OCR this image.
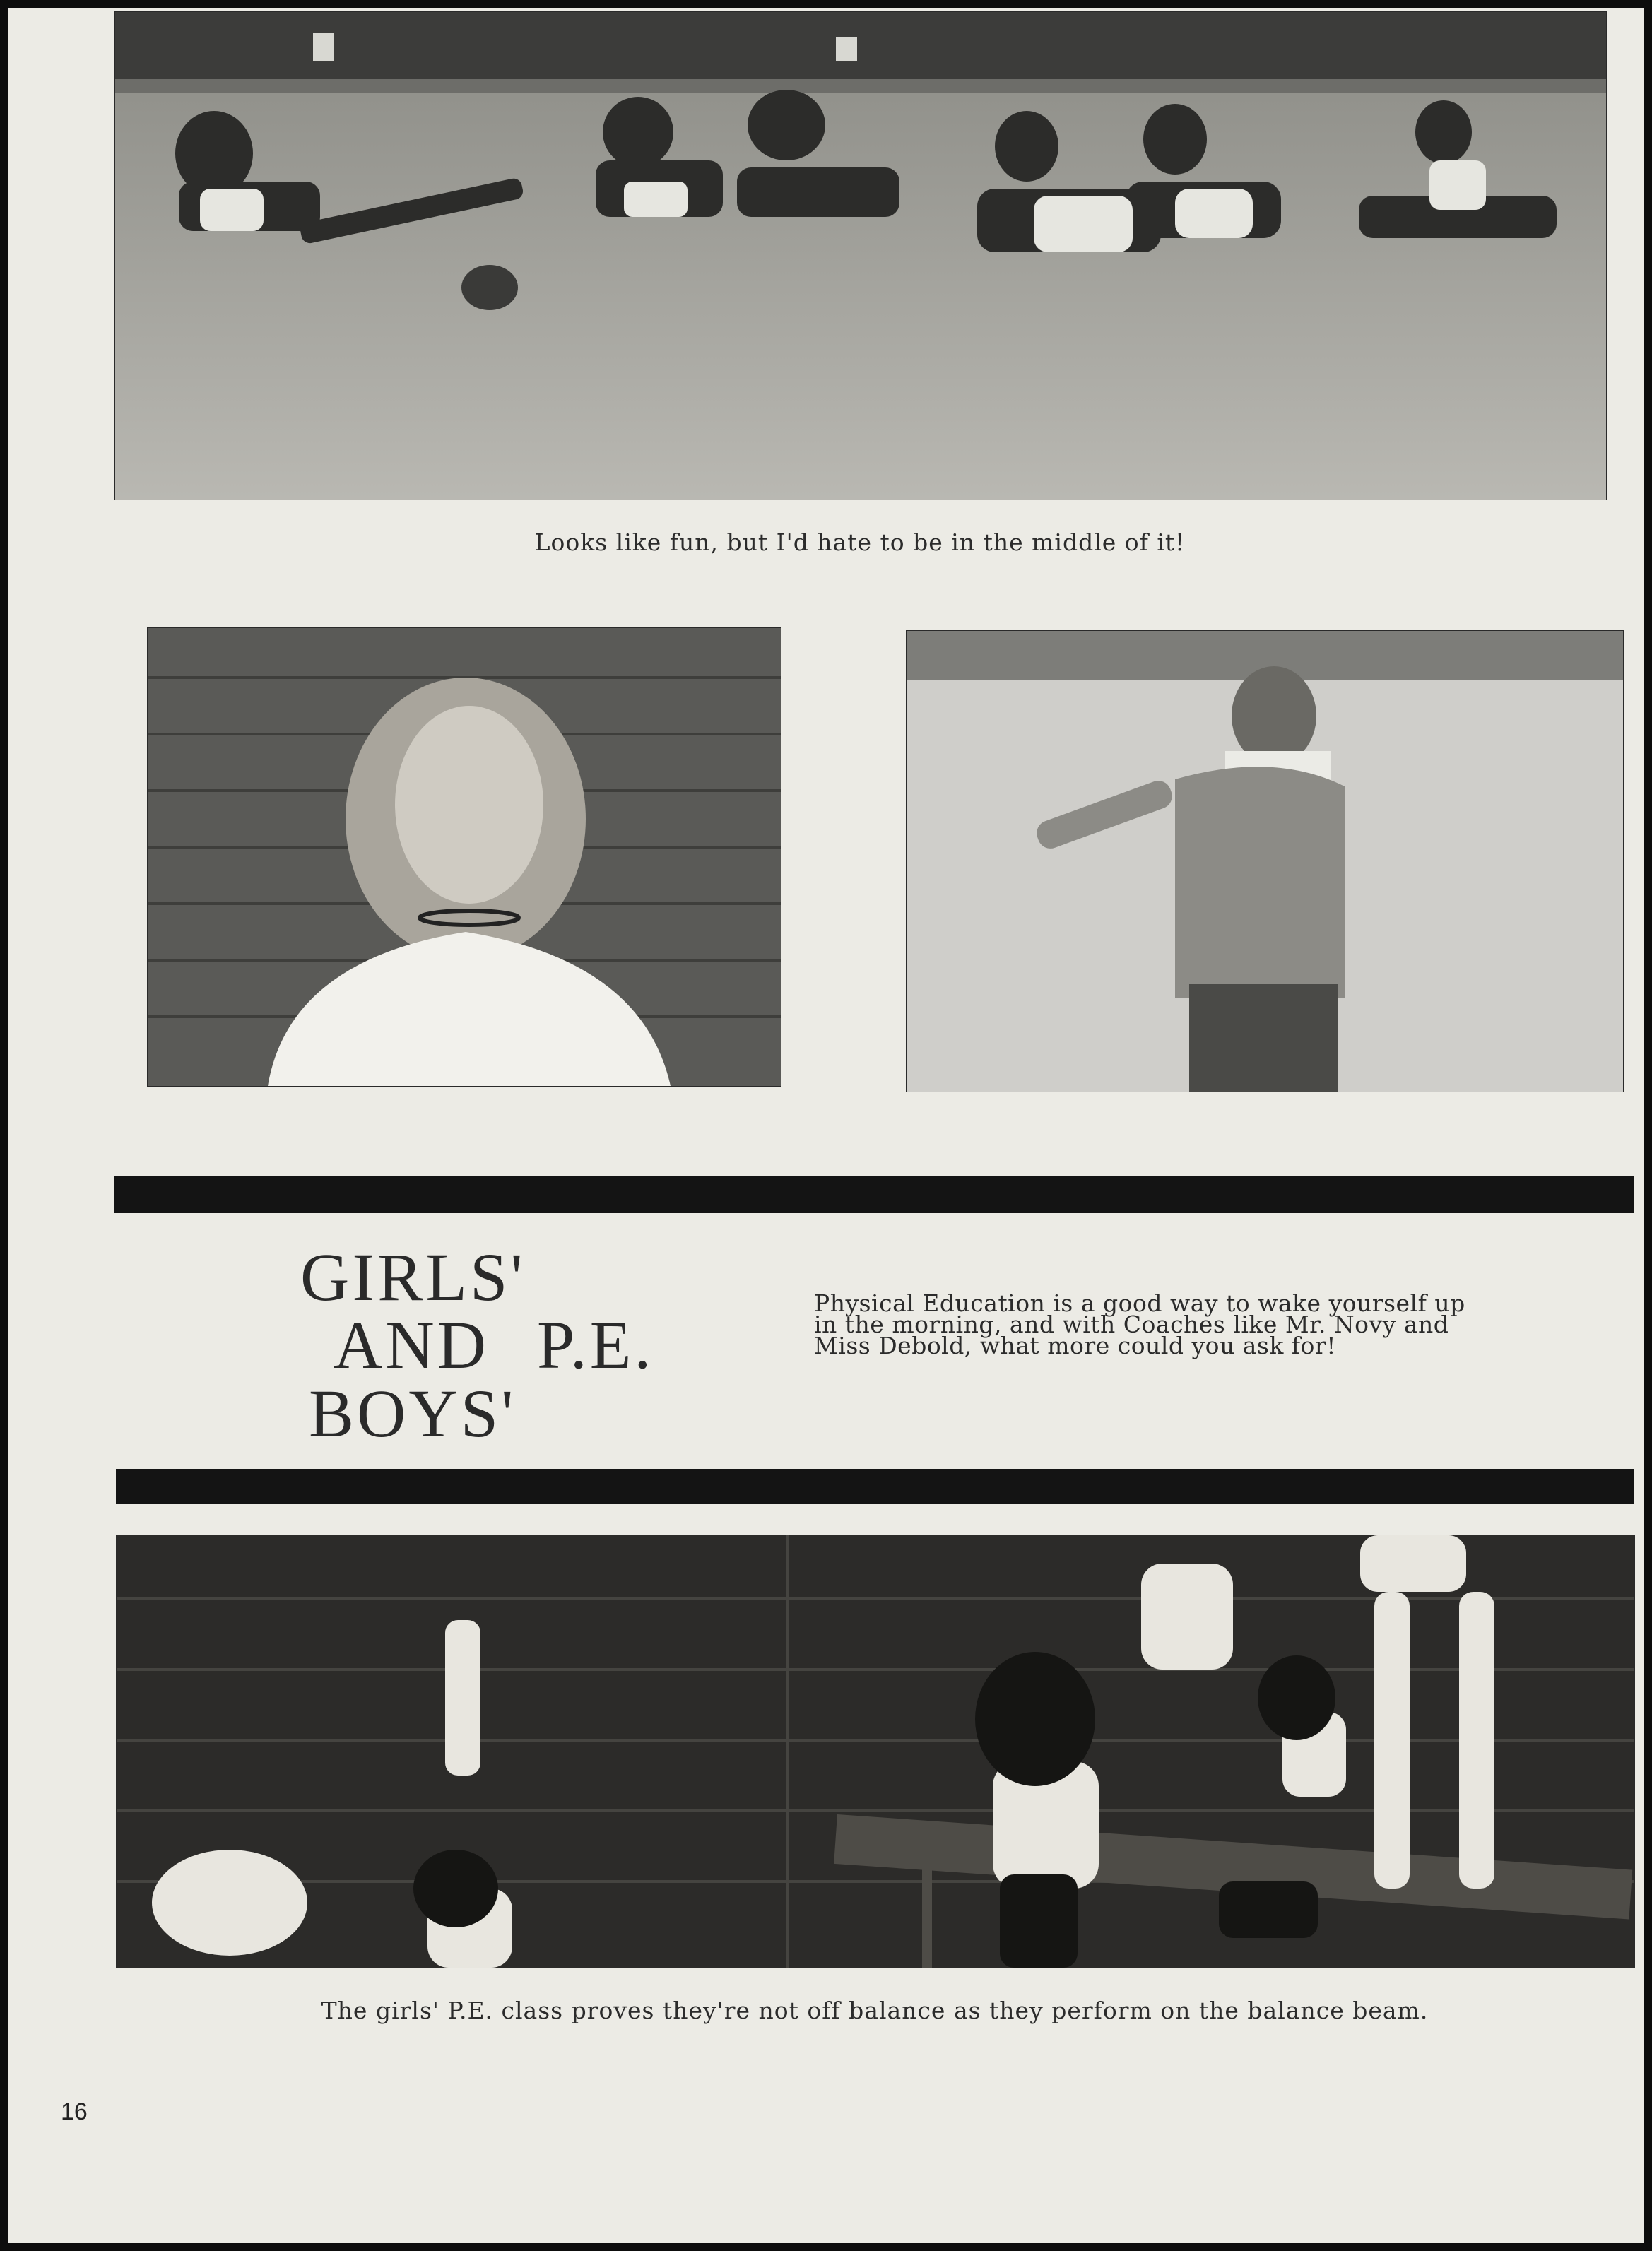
Looks like fun, but I'd hate to be in the middle of it!
GIRLS'
AND P.E.
BOYS'
Physical Education is a good way to wake yourself up
in the morning, and with Coaches like Mr. Novy and
Miss Debold, what more could you ask for!
The girls' P.E. class proves they're not off balance as they perform on the balance beam.
16
